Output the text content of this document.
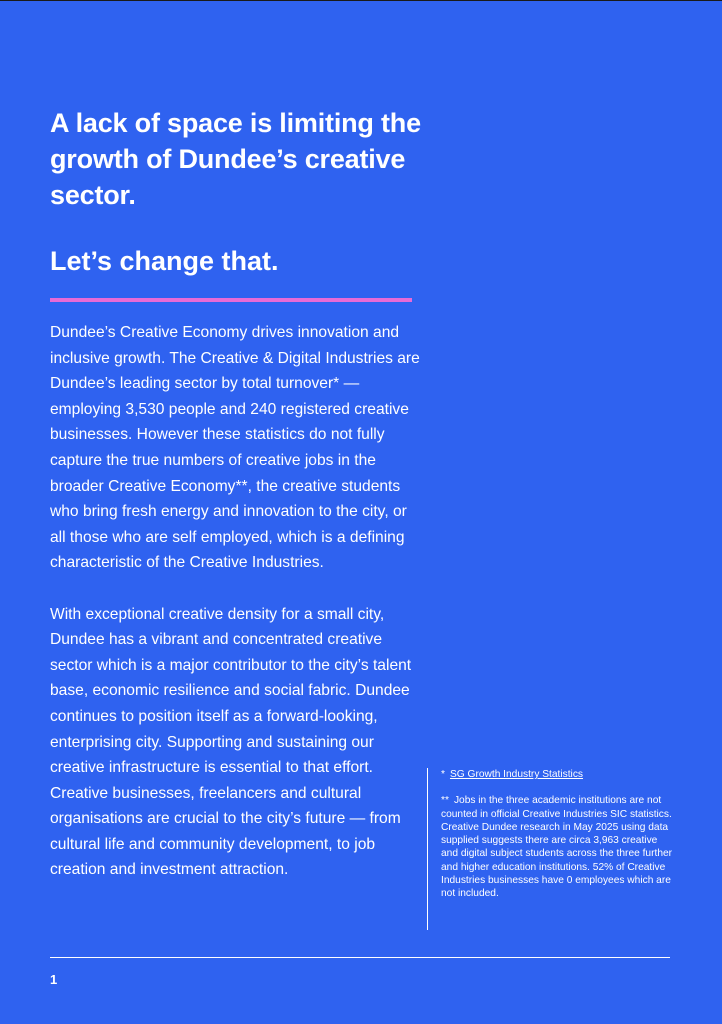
A lack of space is limiting the growth of Dundee’s creative sector.
Let’s change that.

Dundee’s Creative Economy drives innovation and inclusive growth. The Creative & Digital Industries are Dundee’s leading sector by total turnover* — employing 3,530 people and 240 registered creative businesses. However these statistics do not fully capture the true numbers of creative jobs in the broader Creative Economy**, the creative students who bring fresh energy and innovation to the city, or all those who are self employed, which is a defining characteristic of the Creative Industries.

With exceptional creative density for a small city, Dundee has a vibrant and concentrated creative sector which is a major contributor to the city’s talent base, economic resilience and social fabric. Dundee continues to position itself as a forward-looking, enterprising city. Supporting and sustaining our creative infrastructure is essential to that effort. Creative businesses, freelancers and cultural organisations are crucial to the city’s future — from cultural life and community development, to job creation and investment attraction.

* SG Growth Industry Statistics
** Jobs in the three academic institutions are not counted in official Creative Industries SIC statistics. Creative Dundee research in May 2025 using data supplied suggests there are circa 3,963 creative and digital subject students across the three further and higher education institutions. 52% of Creative Industries businesses have 0 employees which are not included.
1
